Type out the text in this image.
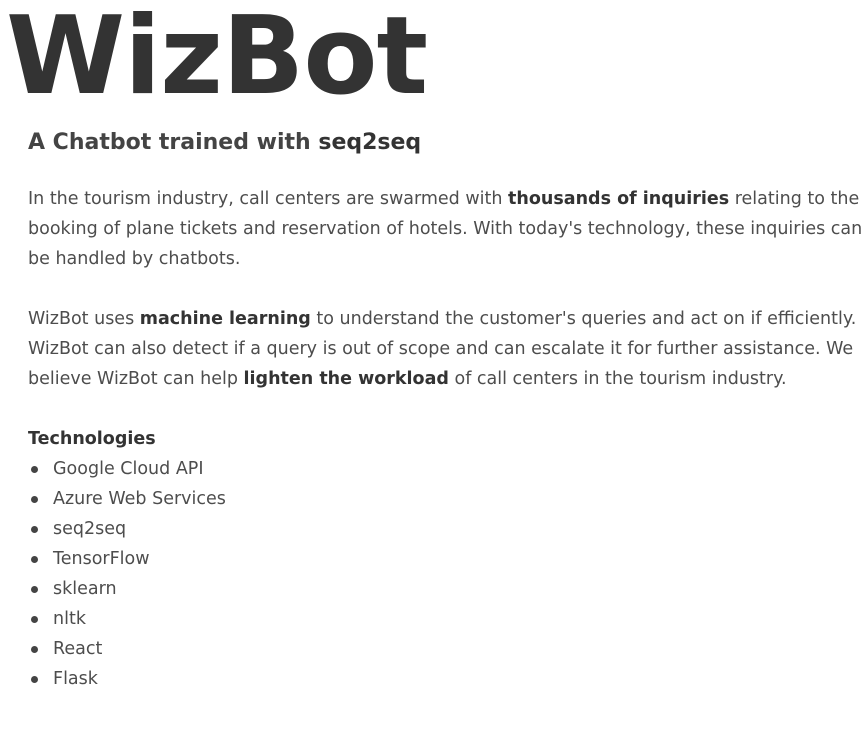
WizBot
A Chatbot trained with seq2seq

In the tourism industry, call centers are swarmed with thousands of inquiries relating to the booking of plane tickets and reservation of hotels. With today's technology, these inquiries can be handled by chatbots.

WizBot uses machine learning to understand the customer's queries and act on if efficiently. WizBot can also detect if a query is out of scope and can escalate it for further assistance. We believe WizBot can help lighten the workload of call centers in the tourism industry.

Technologies
Google Cloud API
Azure Web Services
seq2seq
TensorFlow
sklearn
nltk
React
Flask
